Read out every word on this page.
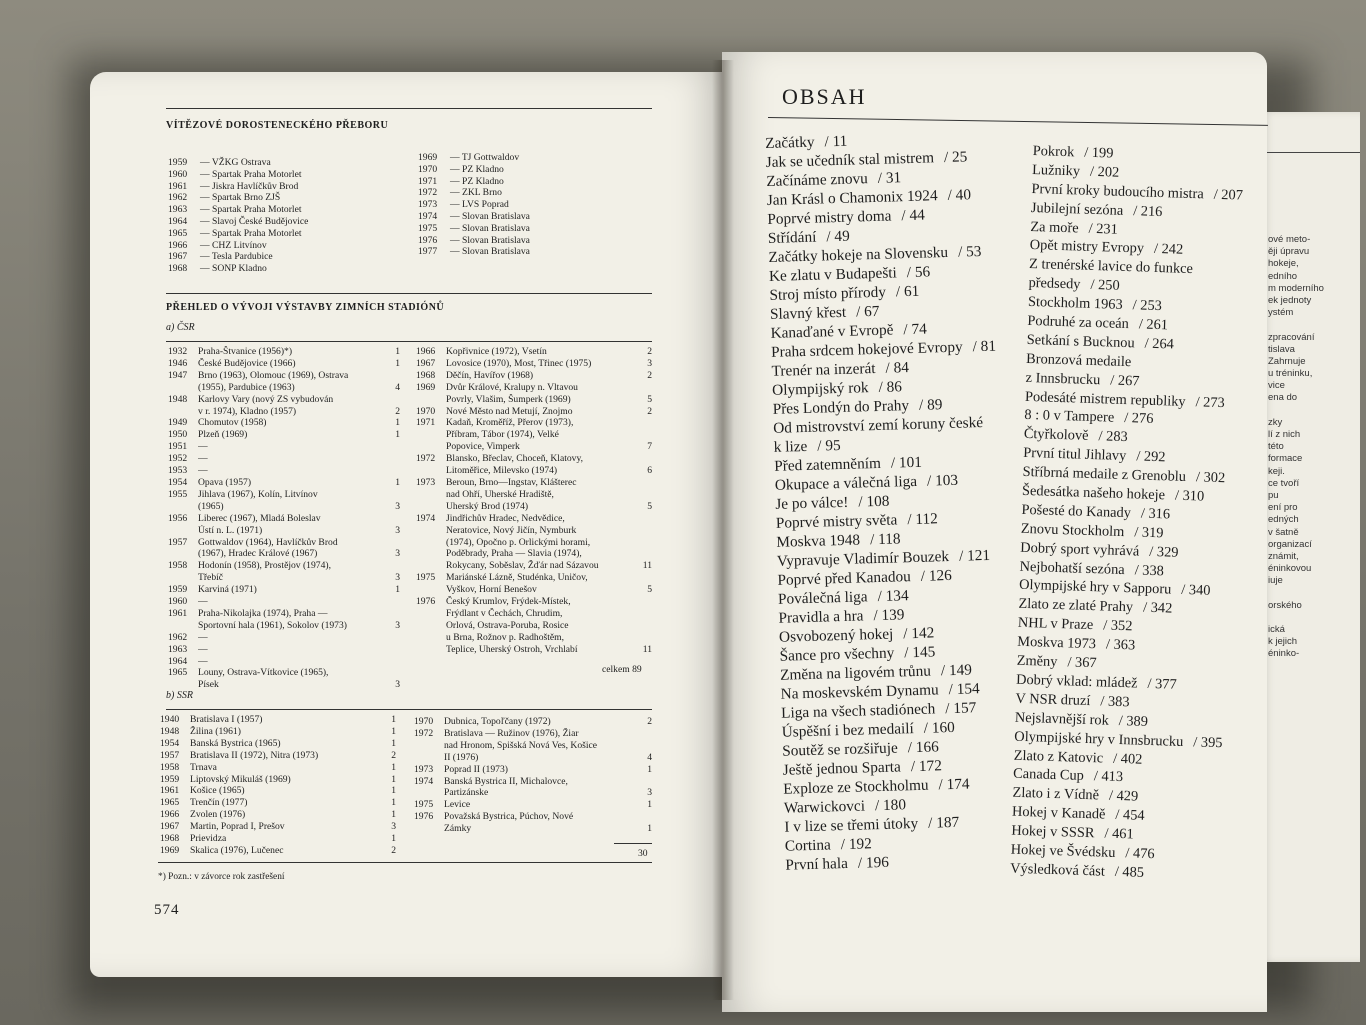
ové meto-
ěji úpravu
hokeje,
edního
m moderního
ek jednoty
ystém
zpracování
tislava
Zahrnuje
u tréninku,
vice
ena do
zky
lí z nich
této
formace
keji.
ce tvoří
pu
ení pro
edných
v šatně
organizací
známit,
éninkovou
iuje
orského
ická
k jejich
éninko-
VÍTĚZOVÉ DOROSTENECKÉHO PŘEBORU
1959	— VŽKG Ostrava
1960	— Spartak Praha Motorlet
1961	— Jiskra Havlíčkův Brod
1962	— Spartak Brno ZJŠ
1963	— Spartak Praha Motorlet
1964	— Slavoj České Budějovice
1965	— Spartak Praha Motorlet
1966	— CHZ Litvínov
1967	— Tesla Pardubice
1968	— SONP Kladno
1969	— TJ Gottwaldov
1970	— PZ Kladno
1971	— PZ Kladno
1972	— ZKL Brno
1973	— LVS Poprad
1974	— Slovan Bratislava
1975	— Slovan Bratislava
1976	— Slovan Bratislava
1977	— Slovan Bratislava
PŘEHLED O VÝVOJI VÝSTAVBY ZIMNÍCH STADIÓNŮ
a) ČSR
1932	Praha-Štvanice (1956)*)	1
1946	České Budějovice (1966)	1
1947	Brno (1963), Olomouc (1969), Ostrava
(1955), Pardubice (1963)	4
1948	Karlovy Vary (nový ZS vybudován
v r. 1974), Kladno (1957)	2
1949	Chomutov (1958)	1
1950	Plzeň (1969)	1
1951	—
1952	—
1953	—
1954	Opava (1957)	1
1955	Jihlava (1967), Kolín, Litvínov
(1965)	3
1956	Liberec (1967), Mladá Boleslav
Ústí n. L. (1971)	3
1957	Gottwaldov (1964), Havlíčkův Brod
(1967), Hradec Králové (1967)	3
1958	Hodonín (1958), Prostějov (1974),
Třebíč	3
1959	Karviná (1971)	1
1960	—
1961	Praha-Nikolajka (1974), Praha —
Sportovní hala (1961), Sokolov (1973)	3
1962	—
1963	—
1964	—
1965	Louny, Ostrava-Vítkovice (1965),
Písek	3
1966	Kopřivnice (1972), Vsetín	2
1967	Lovosice (1970), Most, Třinec (1975)	3
1968	Děčín, Havířov (1968)	2
1969	Dvůr Králové, Kralupy n. Vltavou
Povrly, Vlašim, Šumperk (1969)	5
1970	Nové Město nad Metují, Znojmo	2
1971	Kadaň, Kroměříž, Přerov (1973),
Příbram, Tábor (1974), Velké
Popovice, Vimperk	7
1972	Blansko, Břeclav, Choceň, Klatovy,
Litoměřice, Milevsko (1974)	6
1973	Beroun, Brno—Ingstav, Klášterec
nad Ohří, Uherské Hradiště,
Uherský Brod (1974)	5
1974	Jindřichův Hradec, Nedvědice,
Neratovice, Nový Jičín, Nymburk
(1974), Opočno p. Orlickými horami,
Poděbrady, Praha — Slavia (1974),
Rokycany, Soběslav, Žďár nad Sázavou	11
1975	Mariánské Lázně, Studénka, Uničov,
Vyškov, Horní Benešov	5
1976	Český Krumlov, Frýdek-Místek,
Frýdlant v Čechách, Chrudim,
Orlová, Ostrava-Poruba, Rosice
u Brna, Rožnov p. Radhoštěm,
Teplice, Uherský Ostroh, Vrchlabí	11
celkem 89
b) SSR
1940	Bratislava I (1957)	1
1948	Žilina (1961)	1
1954	Banská Bystrica (1965)	1
1957	Bratislava II (1972), Nitra (1973)	2
1958	Trnava	1
1959	Liptovský Mikuláš (1969)	1
1961	Košice (1965)	1
1965	Trenčín (1977)	1
1966	Zvolen (1976)	1
1967	Martin, Poprad I, Prešov	3
1968	Prievidza	1
1969	Skalica (1976), Lučenec	2
1970	Dubnica, Topoľčany (1972)	2
1972	Bratislava — Ružinov (1976), Žiar
nad Hronom, Spišská Nová Ves, Košice
II (1976)	4
1973	Poprad II (1973)	1
1974	Banská Bystrica II, Michalovce,
Partizánske	3
1975	Levice	1
1976	Považská Bystrica, Púchov, Nové
Zámky	1
30
*) Pozn.: v závorce rok zastřešení
574
OBSAH
Začátky / 11
Jak se učedník stal mistrem / 25
Začínáme znovu / 31
Jan Krásl o Chamonix 1924 / 40
Poprvé mistry doma / 44
Střídání / 49
Začátky hokeje na Slovensku / 53
Ke zlatu v Budapešti / 56
Stroj místo přírody / 61
Slavný křest / 67
Kanaďané v Evropě / 74
Praha srdcem hokejové Evropy / 81
Trenér na inzerát / 84
Olympijský rok / 86
Přes Londýn do Prahy / 89
Od mistrovství zemí koruny české
k lize / 95
Před zatemněním / 101
Okupace a válečná liga / 103
Je po válce! / 108
Poprvé mistry světa / 112
Moskva 1948 / 118
Vypravuje Vladimír Bouzek / 121
Poprvé před Kanadou / 126
Poválečná liga / 134
Pravidla a hra / 139
Osvobozený hokej / 142
Šance pro všechny / 145
Změna na ligovém trůnu / 149
Na moskevském Dynamu / 154
Liga na všech stadiónech / 157
Úspěšní i bez medailí / 160
Soutěž se rozšiřuje / 166
Ještě jednou Sparta / 172
Exploze ze Stockholmu / 174
Warwickovci / 180
I v lize se třemi útoky / 187
Cortina / 192
První hala / 196
Pokrok / 199
Lužniky / 202
První kroky budoucího mistra / 207
Jubilejní sezóna / 216
Za moře / 231
Opět mistry Evropy / 242
Z trenérské lavice do funkce
předsedy / 250
Stockholm 1963 / 253
Podruhé za oceán / 261
Setkání s Bucknou / 264
Bronzová medaile
z Innsbrucku / 267
Podesáté mistrem republiky / 273
8 : 0 v Tampere / 276
Čtyřkolově / 283
První titul Jihlavy / 292
Stříbrná medaile z Grenoblu / 302
Šedesátka našeho hokeje / 310
Pošesté do Kanady / 316
Znovu Stockholm / 319
Dobrý sport vyhrává / 329
Nejbohatší sezóna / 338
Olympijské hry v Sapporu / 340
Zlato ze zlaté Prahy / 342
NHL v Praze / 352
Moskva 1973 / 363
Změny / 367
Dobrý vklad: mládež / 377
V NSR druzí / 383
Nejslavnější rok / 389
Olympijské hry v Innsbrucku / 395
Zlato z Katovic / 402
Canada Cup / 413
Zlato i z Vídně / 429
Hokej v Kanadě / 454
Hokej v SSSR / 461
Hokej ve Švédsku / 476
Výsledková část / 485
